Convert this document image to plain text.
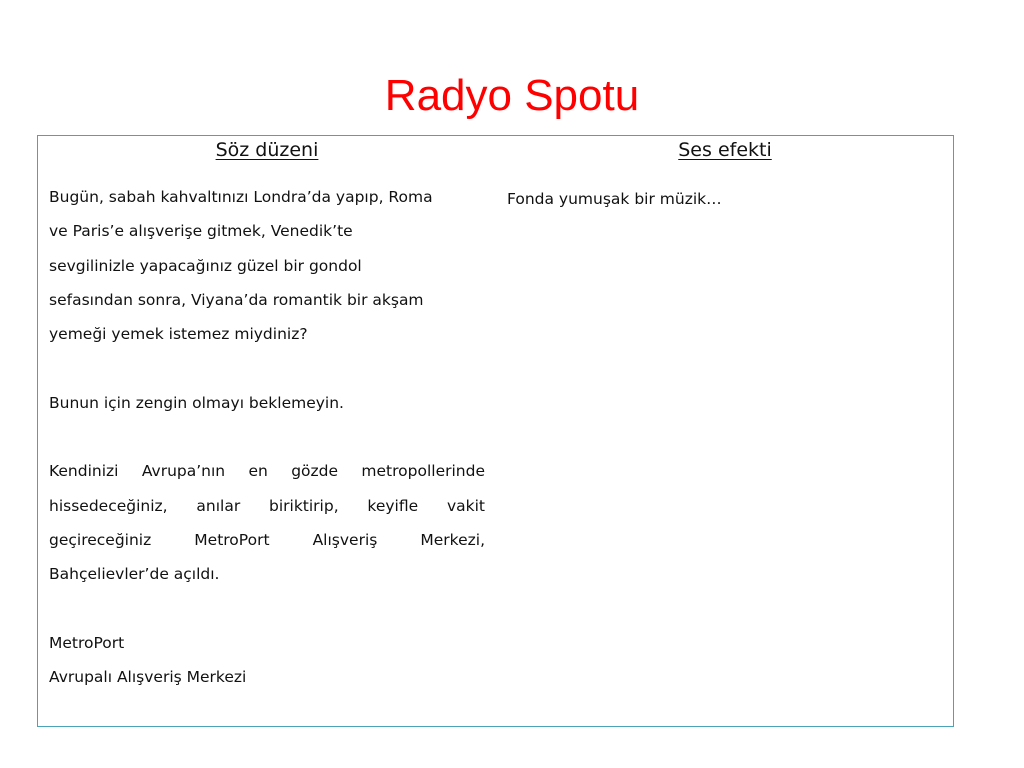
Radyo Spotu
Söz düzeni	Ses efekti
Bugün, sabah kahvaltınızı Londra’da yapıp, Roma
ve Paris’e alışverişe gitmek, Venedik’te
sevgilinizle yapacağınız güzel bir gondol
sefasından sonra, Viyana’da romantik bir akşam
yemeği yemek istemez miydiniz?

Bunun için zengin olmayı beklemeyin.

Kendinizi Avrupa’nın en gözde metropollerinde hissedeceğiniz, anılar biriktirip, keyifle vakit geçireceğiniz MetroPort Alışveriş Merkezi, Bahçelievler’de açıldı.

MetroPort
Avrupalı Alışveriş Merkezi
Fonda yumuşak bir müzik…
